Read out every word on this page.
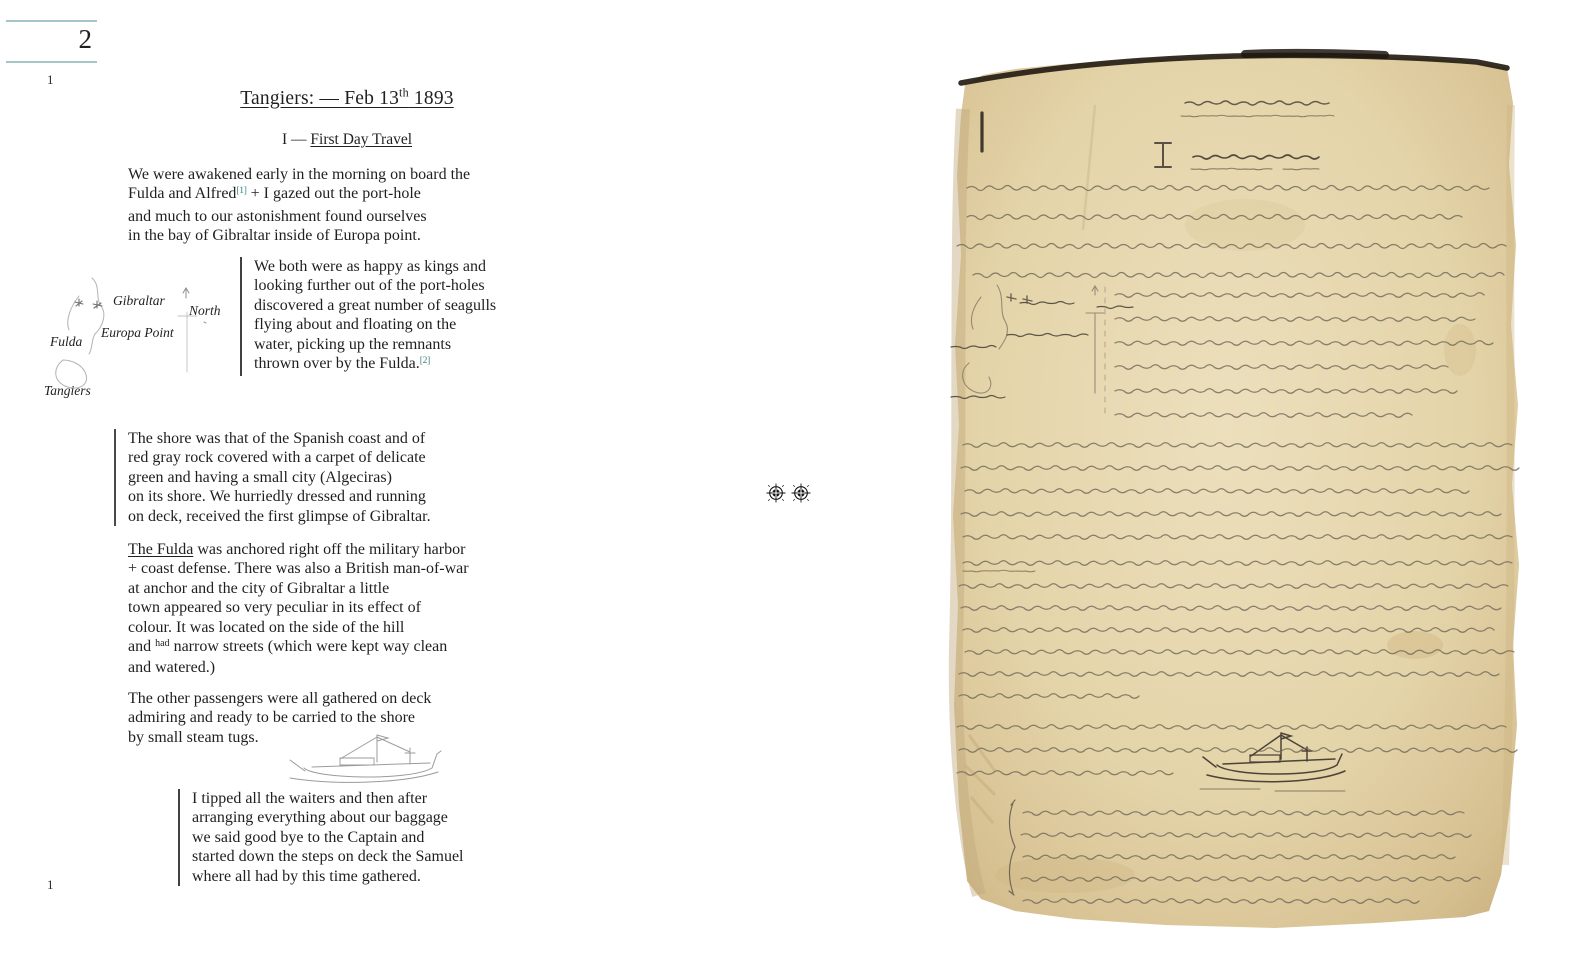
2
1
1
Tangiers: — Feb 13th 1893
I — First Day Travel
We were awakened early in the morning on board the
Fulda and Alfred[1] + I gazed out the port-hole
and much to our astonishment found ourselves
in the bay of Gibraltar inside of Europa point.
Gibraltar
North
Europa Point
Fulda
Tangiers
We both were as happy as kings and
looking further out of the port-holes
discovered a great number of seagulls
flying about and floating on the
water, picking up the remnants
thrown over by the Fulda.[2]
The shore was that of the Spanish coast and of
red gray rock covered with a carpet of delicate
green and having a small city (Algeciras)
on its shore. We hurriedly dressed and running
on deck, received the first glimpse of Gibraltar.
The Fulda was anchored right off the military harbor
+ coast defense. There was also a British man-of-war
at anchor and the city of Gibraltar a little
town appeared so very peculiar in its effect of
colour. It was located on the side of the hill
and $^{had}$ narrow streets (which were kept way clean
and watered.)
The other passengers were all gathered on deck
admiring and ready to be carried to the shore
by small steam tugs.
I tipped all the waiters and then after
arranging everything about our baggage
we said good bye to the Captain and
started down the steps on deck the Samuel
where all had by this time gathered.
